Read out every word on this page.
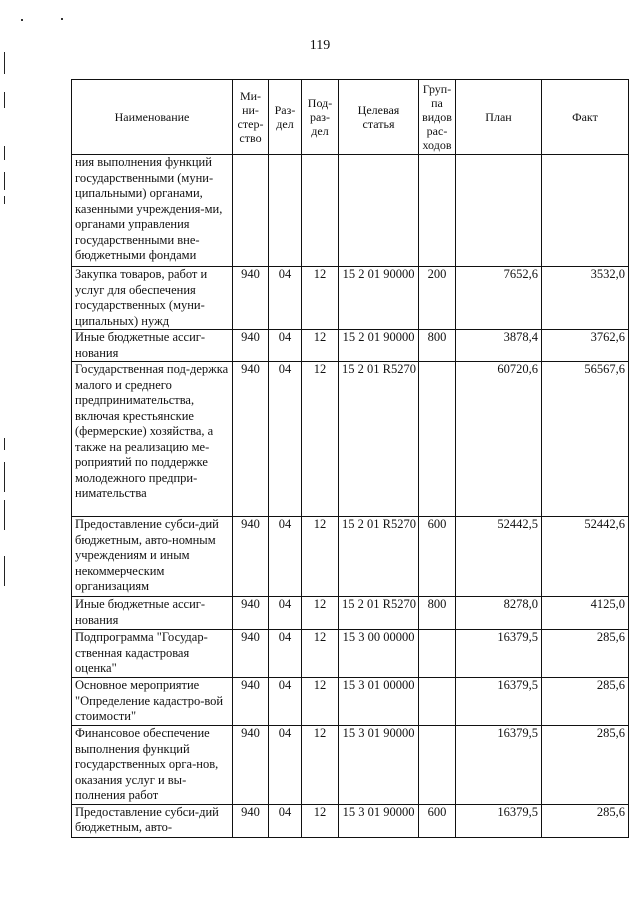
119
Наименование	Ми-
ни-
стер-
ство	Раз-
дел	Под-
раз-
дел	Целевая
статья	Груп-
па
видов
рас-
ходов	План	Факт
ния выполнения функций государственными (муни-ципальными) органами, казенными учреждения-ми, органами управления государственными вне-бюджетными фондами							
Закупка товаров, работ и услуг для обеспечения государственных (муни-ципальных) нужд	940	04	12	15 2 01 90000	200	7652,6	3532,0
Иные бюджетные ассиг-нования	940	04	12	15 2 01 90000	800	3878,4	3762,6
Государственная под-держка малого и среднего предпринимательства, включая крестьянские (фермерские) хозяйства, а также на реализацию ме-роприятий по поддержке молодежного предпри-нимательства	940	04	12	15 2 01 R5270		60720,6	56567,6
Предоставление субси-дий бюджетным, авто-номным учреждениям и иным некоммерческим организациям	940	04	12	15 2 01 R5270	600	52442,5	52442,6
Иные бюджетные ассиг-нования	940	04	12	15 2 01 R5270	800	8278,0	4125,0
Подпрограмма "Государ-ственная кадастровая оценка"	940	04	12	15 3 00 00000		16379,5	285,6
Основное мероприятие "Определение кадастро-вой стоимости"	940	04	12	15 3 01 00000		16379,5	285,6
Финансовое обеспечение выполнения функций государственных орга-нов, оказания услуг и вы-полнения работ	940	04	12	15 3 01 90000		16379,5	285,6
Предоставление субси-дий бюджетным, авто-	940	04	12	15 3 01 90000	600	16379,5	285,6
